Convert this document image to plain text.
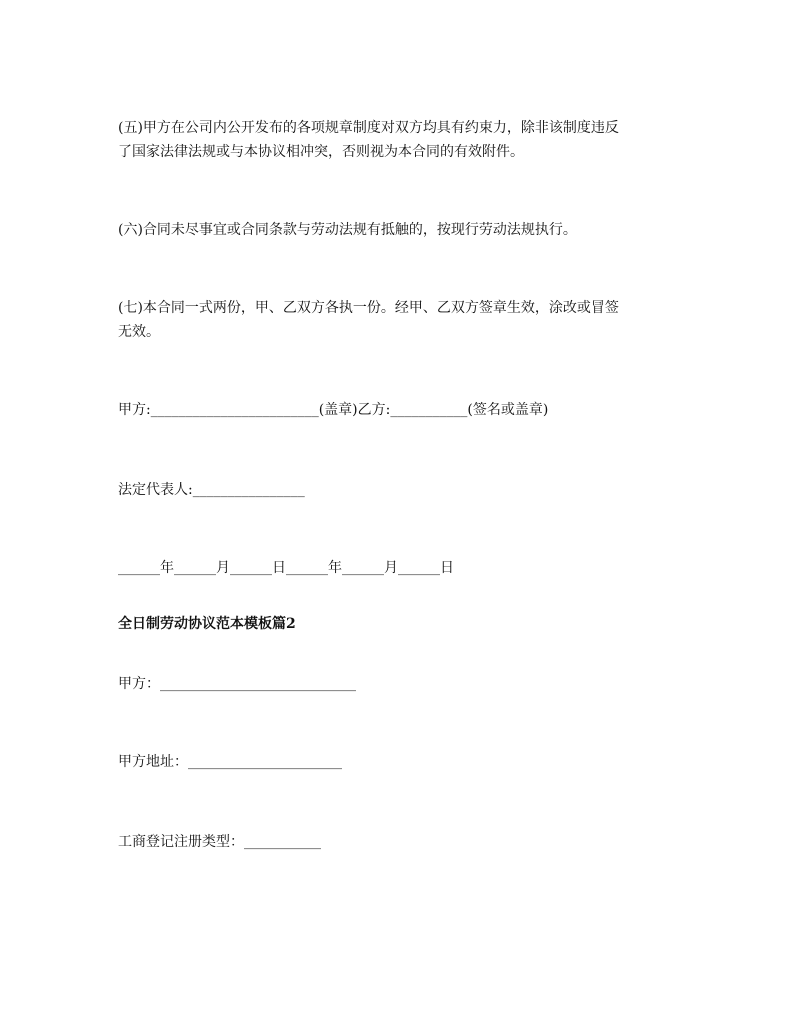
(五)甲方在公司内公开发布的各项规章制度对双方均具有约束力，除非该制度违反
了国家法律法规或与本协议相冲突，否则视为本合同的有效附件。
(六)合同未尽事宜或合同条款与劳动法规有抵触的，按现行劳动法规执行。
(七)本合同一式两份，甲、乙双方各执一份。经甲、乙双方签章生效，涂改或冒签
无效。
甲方:________________________(盖章)乙方:___________(签名或盖章)
法定代表人:________________
______年______月______日______年______月______日
全日制劳动协议范本模板篇2
甲方：____________________________
甲方地址：______________________
工商登记注册类型：___________
